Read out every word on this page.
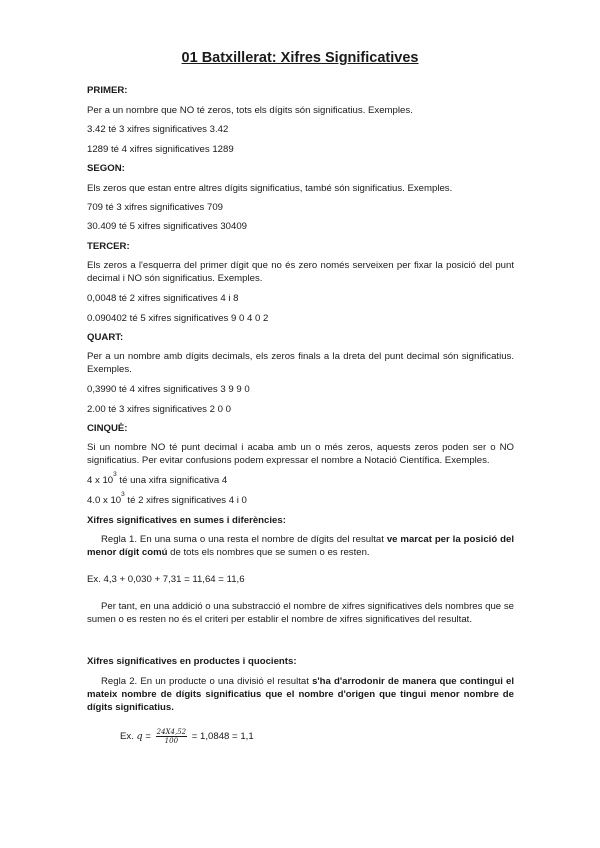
01 Batxillerat: Xifres Significatives
PRIMER:
Per a un nombre que NO té zeros, tots els dígits són significatius. Exemples.
3.42 té 3 xifres significatives 3.42
1289 té 4 xifres significatives 1289
SEGON:
Els zeros que estan entre altres dígits significatius, també són significatius. Exemples.
709 té 3 xifres significatives 709
30.409 té 5 xifres significatives 30409
TERCER:
Els zeros a l'esquerra del primer dígit que no és zero només serveixen per fixar la posició del punt decimal i NO són significatius. Exemples.
0,0048 té 2 xifres significatives 4 i 8
0.090402 té 5 xifres significatives 9 0 4 0 2
QUART:
Per a un nombre amb dígits decimals, els zeros finals a la dreta del punt decimal són significatius. Exemples.
0,3990 té 4 xifres significatives 3 9 9 0
2.00 té 3 xifres significatives 2 0 0
CINQUÈ:
Si un nombre NO té punt decimal i acaba amb un o més zeros, aquests zeros poden ser o NO significatius. Per evitar confusions podem expressar el nombre a Notació Científica. Exemples.
4 x $10^3$ té una xifra significativa 4
4.0 x $10^3$ té 2 xifres significatives 4 i 0
Xifres significatives en sumes i diferències:
Regla 1. En una suma o una resta el nombre de dígits del resultat ve marcat per la posició del menor dígit comú de tots els nombres que se sumen o es resten.
Ex. 4,3 + 0,030 + 7,31 = 11,64 = 11,6
Per tant, en una addició o una substracció el nombre de xifres significatives dels nombres que se sumen o es resten no és el criteri per establir el nombre de xifres significatives del resultat.
Xifres significatives en productes i quocients:
Regla 2. En un producte o una divisió el resultat s'ha d'arrodonir de manera que contingui el mateix nombre de dígits significatius que el nombre d'origen que tingui menor nombre de dígits significatius.
Ex. $q = \frac{24X4,52}{100} = 1,0848 = 1,1$
